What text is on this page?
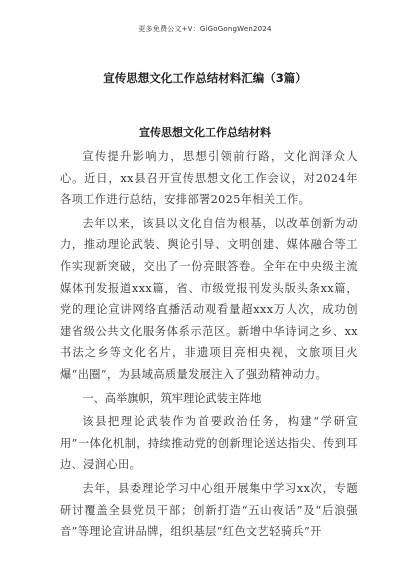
更多免费公文+V：GiGoGongWen2024
宣传思想文化工作总结材料汇编（3篇）
宣传思想文化工作总结材料

宣传提升影响力，思想引领前行路，文化润泽众人心。近日，xx县召开宣传思想文化工作会议，对2024年各项工作进行总结，安排部署2025年相关工作。

去年以来，该县以文化自信为根基，以改革创新为动力，推动理论武装、舆论引导、文明创建、媒体融合等工作实现新突破，交出了一份亮眼答卷。全年在中央级主流媒体刊发报道xxx篇，省、市级党报刊发头版头条xx篇，党的理论宣讲网络直播活动观看量超xxx万人次，成功创建省级公共文化服务体系示范区。新增中华诗词之乡、xx书法之乡等文化名片，非遗项目亮相央视，文旅项目火爆“出圈”，为县域高质量发展注入了强劲精神动力。

一、高举旗帜，筑牢理论武装主阵地

该县把理论武装作为首要政治任务，构建“学研宣用”一体化机制，持续推动党的创新理论送达指尖、传到耳边、浸润心田。

去年，县委理论学习中心组开展集中学习xx次，专题研讨覆盖全县党员干部；创新打造“五山夜话”及“后浪强音”等理论宣讲品牌，组织基层“红色文艺轻骑兵”开
